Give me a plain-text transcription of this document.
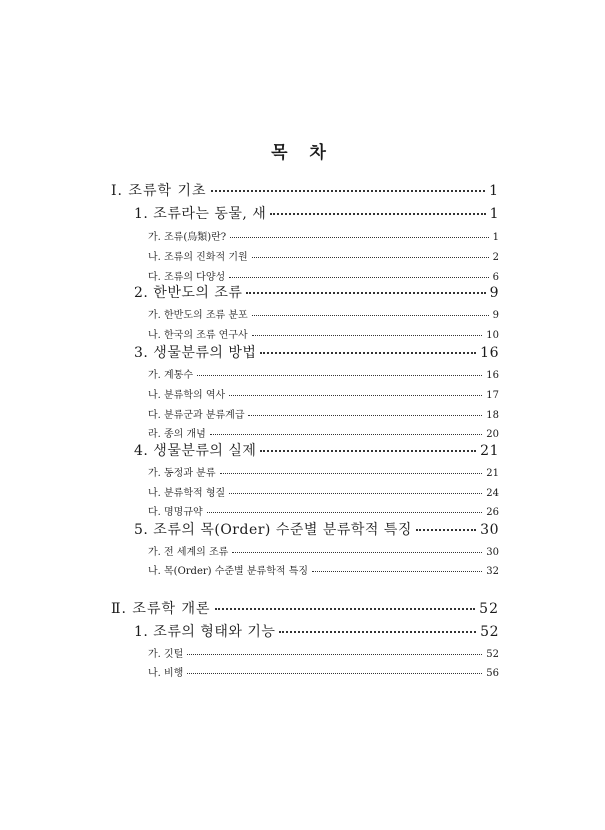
목 차
Ⅰ. 조류학 기초	1
1. 조류라는 동물, 새	1
가. 조류(鳥類)란?	1
나. 조류의 진화적 기원	2
다. 조류의 다양성	6
2. 한반도의 조류	9
가. 한반도의 조류 분포	9
나. 한국의 조류 연구사	10
3. 생물분류의 방법	16
가. 계통수	16
나. 분류학의 역사	17
다. 분류군과 분류계급	18
라. 종의 개념	20
4. 생물분류의 실제	21
가. 동정과 분류	21
나. 분류학적 형질	24
다. 명명규약	26
5. 조류의 목(Order) 수준별 분류학적 특징	30
가. 전 세계의 조류	30
나. 목(Order) 수준별 분류학적 특징	32
Ⅱ. 조류학 개론	52
1. 조류의 형태와 기능	52
가. 깃털	52
나. 비행	56
